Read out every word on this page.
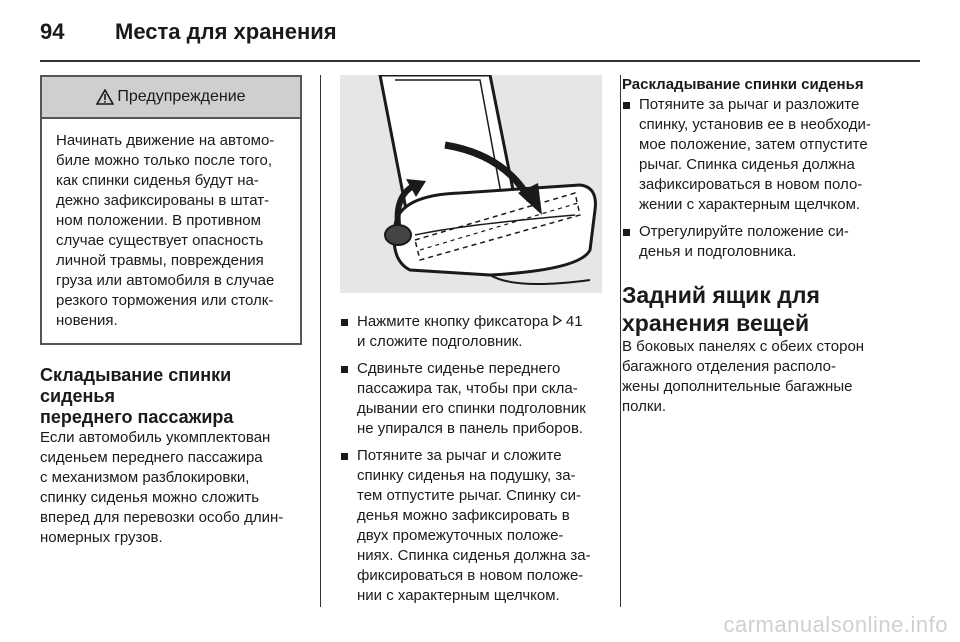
94 Места для хранения
Предупреждение
Начинать движение на автомо-
биле можно только после того,
как спинки сиденья будут на-
дежно зафиксированы в штат-
ном положении. В противном
случае существует опасность
личной травмы, повреждения
груза или автомобиля в случае
резкого торможения или столк-
новения.
Складывание спинки сиденья
переднего пассажира

Если автомобиль укомплектован
сиденьем переднего пассажира
с механизмом разблокировки,
спинку сиденья можно сложить
вперед для перевозки особо длин-
номерных грузов.

Нажмите кнопку фиксатора 41
и сложите подголовник.
Сдвиньте сиденье переднего
пассажира так, чтобы при скла-
дывании его спинки подголовник
не упирался в панель приборов.
Потяните за рычаг и сложите
спинку сиденья на подушку, за-
тем отпустите рычаг. Спинку си-
денья можно зафиксировать в
двух промежуточных положе-
ниях. Спинка сиденья должна за-
фиксироваться в новом положе-
нии с характерным щелчком.
Раскладывание спинки сиденья
Потяните за рычаг и разложите
спинку, установив ее в необходи-
мое положение, затем отпустите
рычаг. Спинка сиденья должна
зафиксироваться в новом поло-
жении с характерным щелчком.
Отрегулируйте положение си-
денья и подголовника.
Задний ящик для
хранения вещей

В боковых панелях с обеих сторон
багажного отделения располо-
жены дополнительные багажные
полки.

carmanualsonline.info
